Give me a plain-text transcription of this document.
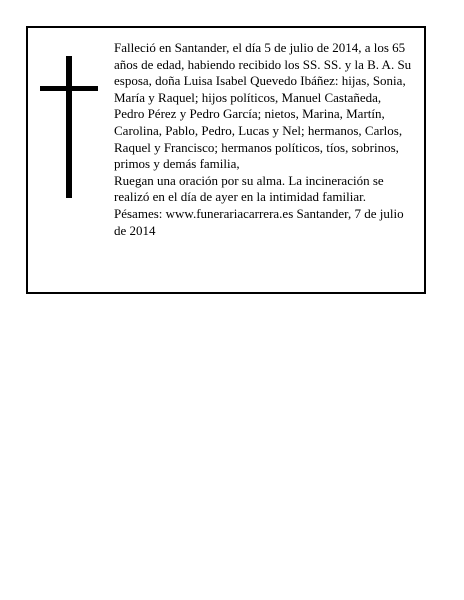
Falleció en Santander, el día 5 de julio de 2014, a los 65 años de edad, habiendo recibido los SS. SS. y la B. A. Su esposa, doña Luisa Isabel Quevedo Ibáñez: hijas, Sonia, María y Raquel; hijos políticos, Manuel Castañeda, Pedro Pérez y Pedro García; nietos, Marina, Martín, Carolina, Pablo, Pedro, Lucas y Nel; hermanos, Carlos, Raquel y Francisco; hermanos políticos, tíos, sobrinos, primos y demás familia,

Ruegan una oración por su alma. La incineración se realizó en el día de ayer en la intimidad familiar.

Pésames: www.funerariacarrera.es Santander, 7 de julio de 2014
